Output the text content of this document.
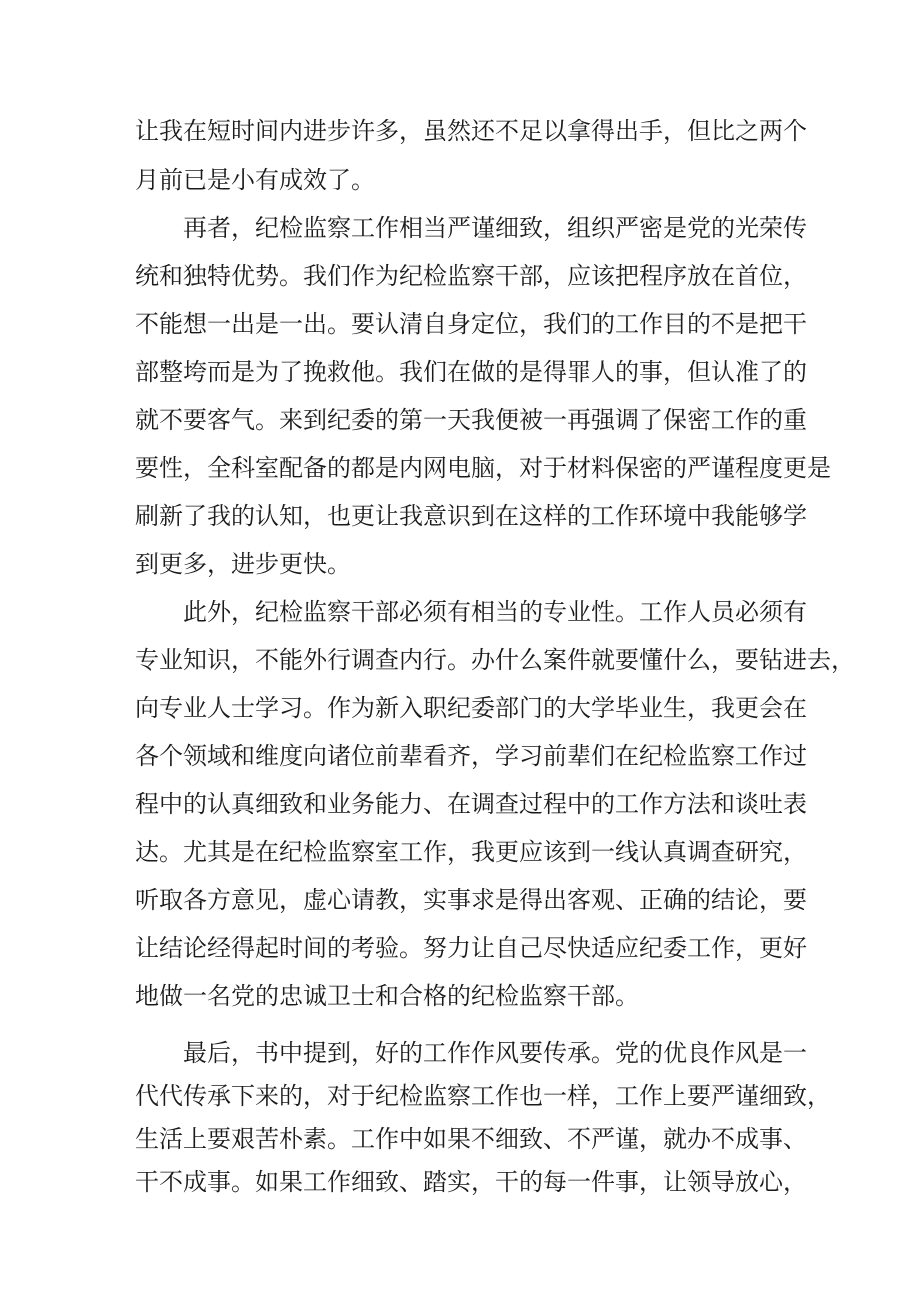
让我在短时间内进步许多，虽然还不足以拿得出手，但比之两个
月前已是小有成效了。
再者，纪检监察工作相当严谨细致，组织严密是党的光荣传
统和独特优势。我们作为纪检监察干部，应该把程序放在首位，
不能想一出是一出。要认清自身定位，我们的工作目的不是把干
部整垮而是为了挽救他。我们在做的是得罪人的事，但认准了的
就不要客气。来到纪委的第一天我便被一再强调了保密工作的重
要性，全科室配备的都是内网电脑，对于材料保密的严谨程度更是
刷新了我的认知，也更让我意识到在这样的工作环境中我能够学
到更多，进步更快。
此外，纪检监察干部必须有相当的专业性。工作人员必须有
专业知识，不能外行调查内行。办什么案件就要懂什么，要钻进去，
向专业人士学习。作为新入职纪委部门的大学毕业生，我更会在
各个领域和维度向诸位前辈看齐，学习前辈们在纪检监察工作过
程中的认真细致和业务能力、在调查过程中的工作方法和谈吐表
达。尤其是在纪检监察室工作，我更应该到一线认真调查研究，
听取各方意见，虚心请教，实事求是得出客观、正确的结论，要
让结论经得起时间的考验。努力让自己尽快适应纪委工作，更好
地做一名党的忠诚卫士和合格的纪检监察干部。
最后，书中提到，好的工作作风要传承。党的优良作风是一
代代传承下来的，对于纪检监察工作也一样，工作上要严谨细致，
生活上要艰苦朴素。工作中如果不细致、不严谨，就办不成事、
干不成事。如果工作细致、踏实，干的每一件事，让领导放心，
